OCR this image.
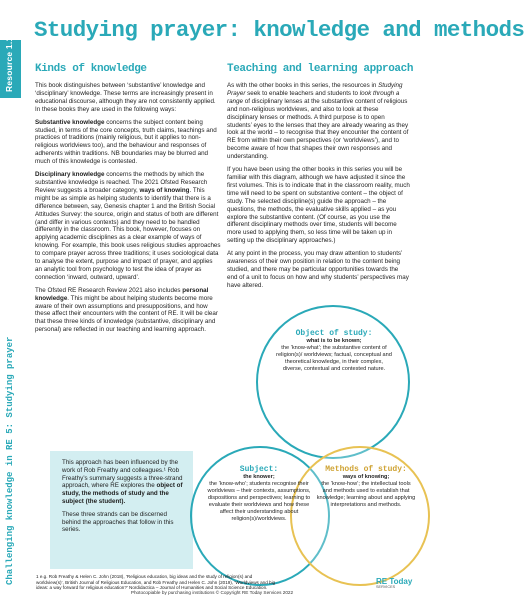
Resource 1.1
Challenging knowledge in RE 5: Studying prayer
Studying prayer: knowledge and methods
Kinds of knowledge

This book distinguishes between ‘substantive’ knowledge and ‘disciplinary’ knowledge. These terms are increasingly present in educational discourse, although they are not consistently applied. In these books they are used in the following ways:

Substantive knowledge concerns the subject content being studied, in terms of the core concepts, truth claims, teachings and practices of traditions (mainly religious, but it applies to non-religious worldviews too), and the behaviour and responses of adherents within traditions. NB boundaries may be blurred and much of this knowledge is contested.

Disciplinary knowledge concerns the methods by which the substantive knowledge is reached. The 2021 Ofsted Research Review suggests a broader category, ways of knowing. This might be as simple as helping students to identify that there is a difference between, say, Genesis chapter 1 and the British Social Attitudes Survey: the source, origin and status of both are different (and differ in various contexts) and they need to be handled differently in the classroom. This book, however, focuses on applying academic disciplines as a clear example of ways of knowing. For example, this book uses religious studies approaches to compare prayer across three traditions; it uses sociological data to analyse the extent, purpose and impact of prayer, and applies an analytic tool from psychology to test the idea of prayer as connection ‘inward, outward, upward’.

The Ofsted RE Research Review 2021 also includes personal knowledge. This might be about helping students become more aware of their own assumptions and presuppositions, and how these affect their encounters with the content of RE. It will be clear that these three kinds of knowledge (substantive, disciplinary and personal) are reflected in our teaching and learning approach.

This approach has been influenced by the work of Rob Freathy and colleagues.¹ Rob Freathy’s summary suggests a three-strand approach, where RE explores the object of study, the methods of study and the subject (the student).

These three strands can be discerned behind the approaches that follow in this series.

Teaching and learning approach

As with the other books in this series, the resources in Studying Prayer seek to enable teachers and students to look through a range of disciplinary lenses at the substantive content of religious and non-religious worldviews, and also to look at these disciplinary lenses or methods. A third purpose is to open students’ eyes to the lenses that they are already wearing as they look at the world – to recognise that they encounter the content of RE from within their own perspectives (or ‘worldviews’), and to become aware of how that shapes their own responses and understanding.

If you have been using the other books in this series you will be familiar with this diagram, although we have adjusted it since the first volumes. This is to indicate that in the classroom reality, much time will need to be spent on substantive content – the object of study. The selected discipline(s) guide the approach – the questions, the methods, the evaluative skills applied – as you explore the substantive content. (Of course, as you use the different disciplinary methods over time, students will become more used to applying them, so less time will be taken up in setting up the disciplinary approaches.)

At any point in the process, you may draw attention to students’ awareness of their own position in relation to the content being studied, and there may be particular opportunities towards the end of a unit to focus on how and why students’ perspectives may have altered.

Object of study:
what is to be known;
the ‘know-what’; the substantive content of religion(s)/ worldviews; factual, conceptual and theoretical knowledge, in their complex, diverse, contextual and contested nature.
Subject:
the knower;
the ‘know-who’; students recognise their worldviews – their contexts, assumptions, dispositions and perspectives; learning to evaluate their worldviews and how these affect their understanding about religion(s)/worldviews.
Methods of study:
ways of knowing;
the ‘know-how’; the intellectual tools and methods used to establish that knowledge; learning about and applying interpretations and methods.
1 e.g. Rob Freathy & Helen C. John (2018), ‘Religious education, big ideas and the study of religion(s) and
worldview(s)’, British Journal of Religious Education, and Rob Freathy and Helen C. John (2019), ‘Worldviews and big
ideas: a way forward for religious education?’ Nordidactica – Journal of Humanities and Social Science Education.
Photocopiable by purchasing institutions © Copyright RE Today Services 2022
RE Today
SERVICES
